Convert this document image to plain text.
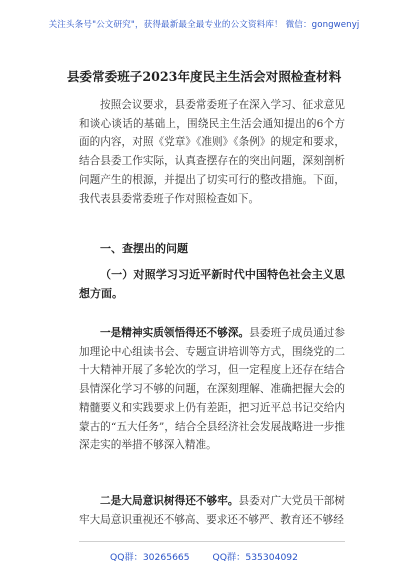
关注头条号"公文研究"，获得最新最全最专业的公文资料库！ 微信：gongwenyj
县委常委班子2023年度民主生活会对照检查材料

按照会议要求，县委常委班子在深入学习、征求意见和谈心谈话的基础上，围绕民主生活会通知提出的6个方面的内容，对照《党章》《准则》《条例》的规定和要求，结合县委工作实际，认真查摆存在的突出问题，深刻剖析问题产生的根源，并提出了切实可行的整改措施。下面，我代表县委常委班子作对照检查如下。

一、查摆出的问题

（一）对照学习习近平新时代中国特色社会主义思想方面。

一是精神实质领悟得还不够深。县委班子成员通过参加理论中心组读书会、专题宣讲培训等方式，围绕党的二十大精神开展了多轮次的学习，但一定程度上还存在结合县情深化学习不够的问题，在深刻理解、准确把握大会的精髓要义和实践要求上仍有差距，把习近平总书记交给内蒙古的“五大任务”，结合全县经济社会发展战略进一步推深走实的举措不够深入精准。

二是大局意识树得还不够牢。县委对广大党员干部树牢大局意识重视还不够高、要求还不够严、教育还不够经

QQ群：30265665 QQ群：535304092
